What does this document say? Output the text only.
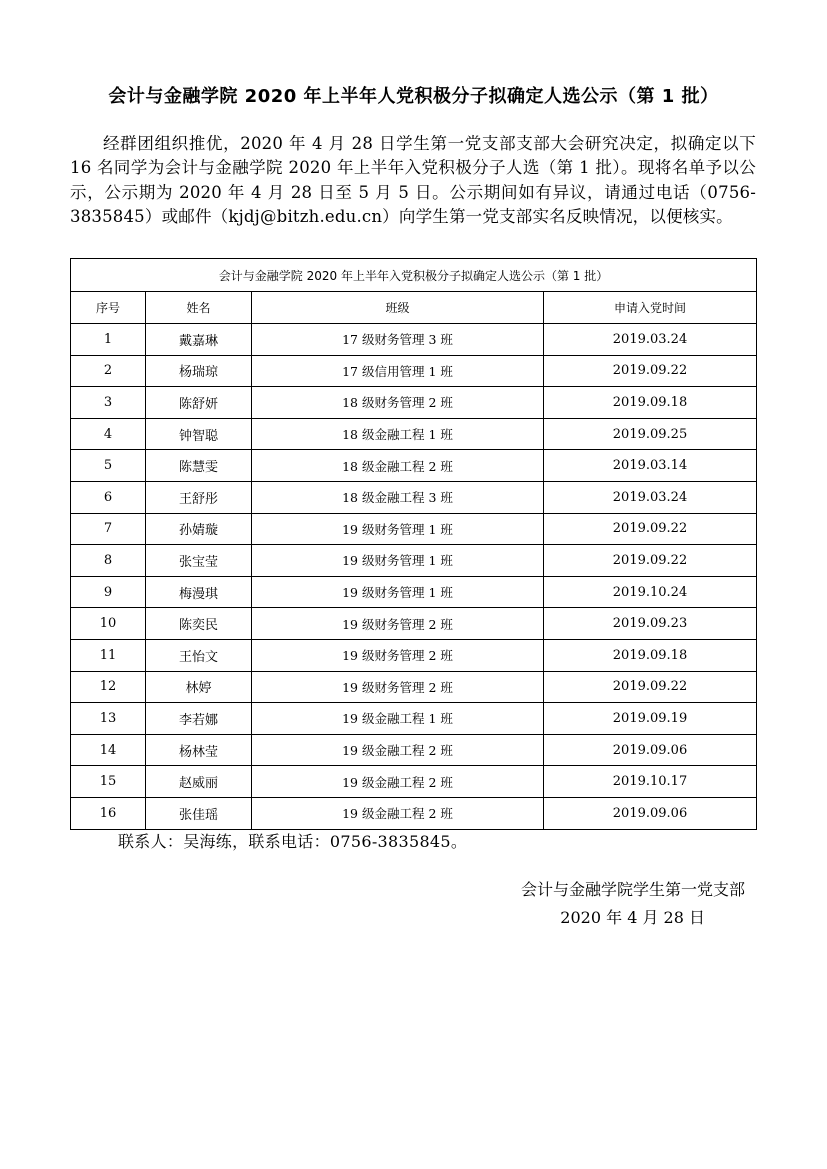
会计与金融学院 2020 年上半年人党积极分子拟确定人选公示（第 1 批）
经群团组织推优，2020 年 4 月 28 日学生第一党支部支部大会研究决定，拟确定以下 16 名同学为会计与金融学院 2020 年上半年入党积极分子人选（第 1 批）。现将名单予以公示，公示期为 2020 年 4 月 28 日至 5 月 5 日。公示期间如有异议，请通过电话（0756-3835845）或邮件（kjdj@bitzh.edu.cn）向学生第一党支部实名反映情况，以便核实。
会计与金融学院 2020 年上半年入党积极分子拟确定人选公示（第 1 批）			
序号	姓名	班级	申请入党时间
1	戴嘉琳	17 级财务管理 3 班	2019.03.24
2	杨瑞琼	17 级信用管理 1 班	2019.09.22
3	陈舒妍	18 级财务管理 2 班	2019.09.18
4	钟智聪	18 级金融工程 1 班	2019.09.25
5	陈慧雯	18 级金融工程 2 班	2019.03.14
6	王舒彤	18 级金融工程 3 班	2019.03.24
7	孙婧璇	19 级财务管理 1 班	2019.09.22
8	张宝莹	19 级财务管理 1 班	2019.09.22
9	梅漫琪	19 级财务管理 1 班	2019.10.24
10	陈奕民	19 级财务管理 2 班	2019.09.23
11	王怡文	19 级财务管理 2 班	2019.09.18
12	林婷	19 级财务管理 2 班	2019.09.22
13	李若娜	19 级金融工程 1 班	2019.09.19
14	杨林莹	19 级金融工程 2 班	2019.09.06
15	赵威丽	19 级金融工程 2 班	2019.10.17
16	张佳瑶	19 级金融工程 2 班	2019.09.06
联系人：吴海练，联系电话：0756-3835845。
会计与金融学院学生第一党支部
2020 年 4 月 28 日
